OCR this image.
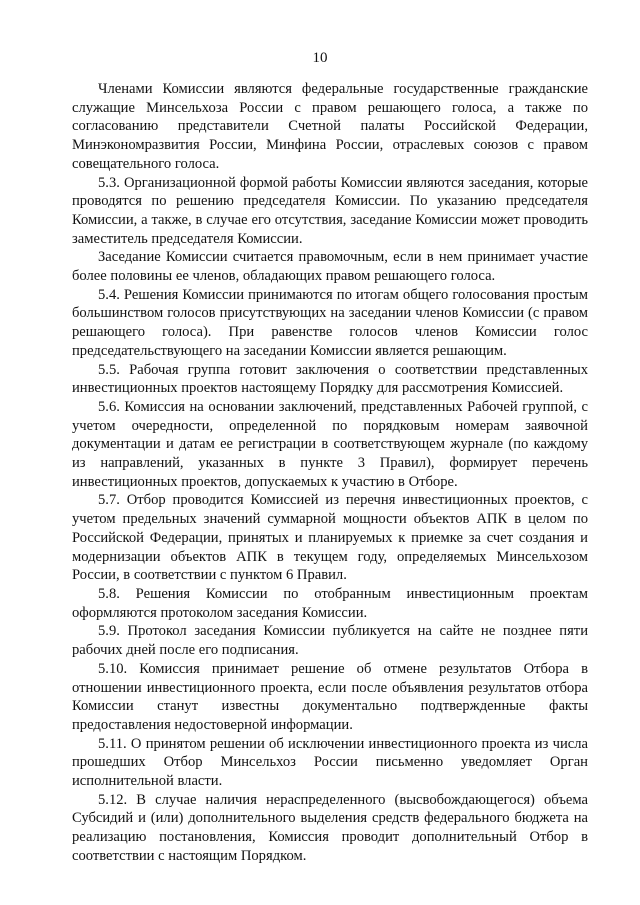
10

Членами Комиссии являются федеральные государственные гражданские служащие Минсельхоза России с правом решающего голоса, а также по согласованию представители Счетной палаты Российской Федерации, Минэкономразвития России, Минфина России, отраслевых союзов с правом совещательного голоса.

5.3. Организационной формой работы Комиссии являются заседания, которые проводятся по решению председателя Комиссии. По указанию председателя Комиссии, а также, в случае его отсутствия, заседание Комиссии может проводить заместитель председателя Комиссии.

Заседание Комиссии считается правомочным, если в нем принимает участие более половины ее членов, обладающих правом решающего голоса.

5.4. Решения Комиссии принимаются по итогам общего голосования простым большинством голосов присутствующих на заседании членов Комиссии (с правом решающего голоса). При равенстве голосов членов Комиссии голос председательствующего на заседании Комиссии является решающим.

5.5. Рабочая группа готовит заключения о соответствии представленных инвестиционных проектов настоящему Порядку для рассмотрения Комиссией.

5.6. Комиссия на основании заключений, представленных Рабочей группой, с учетом очередности, определенной по порядковым номерам заявочной документации и датам ее регистрации в соответствующем журнале (по каждому из направлений, указанных в пункте 3 Правил), формирует перечень инвестиционных проектов, допускаемых к участию в Отборе.

5.7. Отбор проводится Комиссией из перечня инвестиционных проектов, с учетом предельных значений суммарной мощности объектов АПК в целом по Российской Федерации, принятых и планируемых к приемке за счет создания и модернизации объектов АПК в текущем году, определяемых Минсельхозом России, в соответствии с пунктом 6 Правил.

5.8. Решения Комиссии по отобранным инвестиционным проектам оформляются протоколом заседания Комиссии.

5.9. Протокол заседания Комиссии публикуется на сайте не позднее пяти рабочих дней после его подписания.

5.10. Комиссия принимает решение об отмене результатов Отбора в отношении инвестиционного проекта, если после объявления результатов отбора Комиссии станут известны документально подтвержденные факты предоставления недостоверной информации.

5.11. О принятом решении об исключении инвестиционного проекта из числа прошедших Отбор Минсельхоз России письменно уведомляет Орган исполнительной власти.

5.12. В случае наличия нераспределенного (высвобождающегося) объема Субсидий и (или) дополнительного выделения средств федерального бюджета на реализацию постановления, Комиссия проводит дополнительный Отбор в соответствии с настоящим Порядком.
